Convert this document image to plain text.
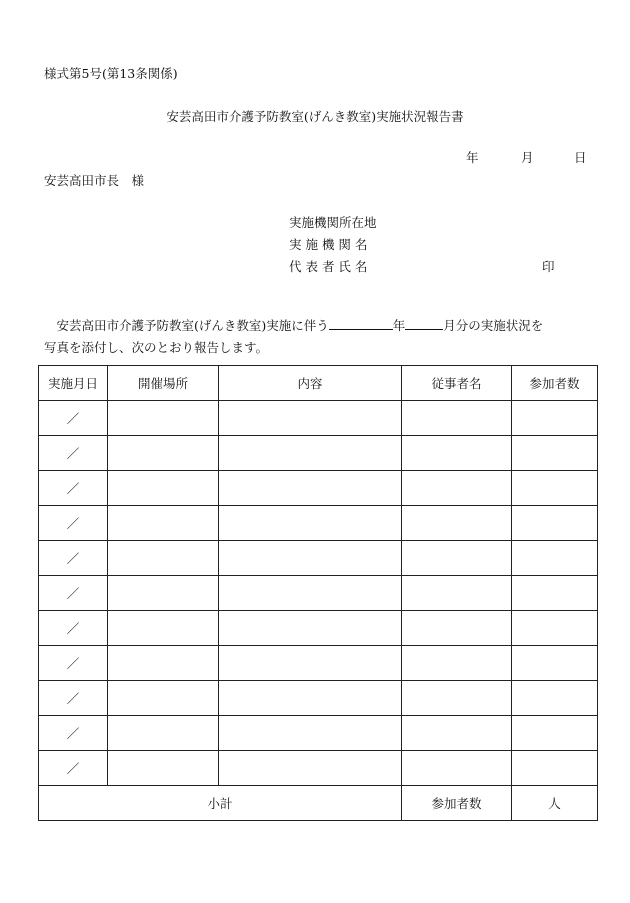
様式第5号(第13条関係)
安芸高田市介護予防教室(げんき教室)実施状況報告書
年	月	日
安芸高田市長　様
実施機関所在地
実 施 機 関 名
代 表 者 氏 名	印
　安芸高田市介護予防教室(げんき教室)実施に伴う	年	月分の実施状況を
写真を添付し、次のとおり報告します。
実施月日	開催場所	内容	従事者名	参加者数
／				
／				
／				
／				
／				
／				
／				
／				
／				
／				
／				
小計			参加者数	人
